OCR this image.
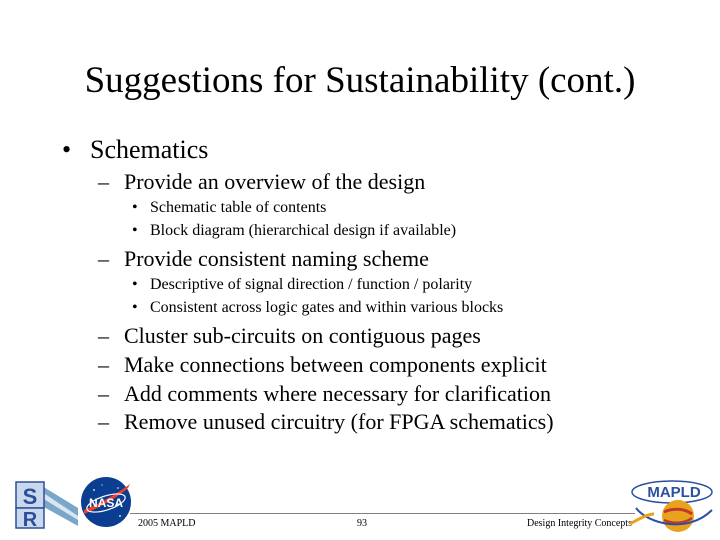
Suggestions for Sustainability (cont.)
• Schematics
– Provide an overview of the design
• Schematic table of contents
• Block diagram (hierarchical design if available)
– Provide consistent naming scheme
• Descriptive of signal direction / function / polarity
• Consistent across logic gates and within various blocks
– Cluster sub-circuits on contiguous pages
– Make connections between components explicit
– Add comments where necessary for clarification
– Remove unused circuitry (for FPGA schematics)
2005 MAPLD	93	Design Integrity Concepts
S
R
NASA
MAPLD
